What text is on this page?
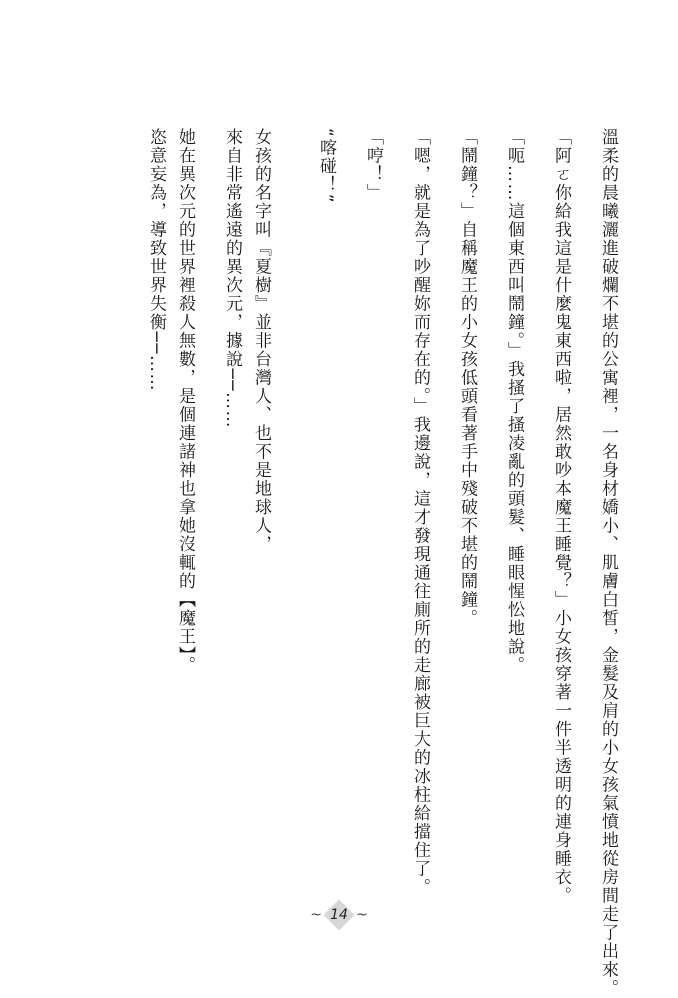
溫柔的晨曦灑進破爛不堪的公寓裡，一名身材嬌小、肌膚白皙，金髮及肩的小女孩氣憤地從房間走了出來。

「阿ㄛ你給我這是什麼鬼東西啦，居然敢吵本魔王睡覺？」小女孩穿著一件半透明的連身睡衣。

「呃……這個東西叫鬧鐘。」我搔了搔凌亂的頭髮、睡眼惺忪地說。

「鬧鐘？」自稱魔王的小女孩低頭看著手中殘破不堪的鬧鐘。

「嗯，就是為了吵醒妳而存在的。」我邊說，這才發現通往廁所的走廊被巨大的冰柱給擋住了。

「哼！」

“喀碰！”

女孩的名字叫『夏樹』並非台灣人、也不是地球人，

來自非常遙遠的異次元，據說──……

她在異次元的世界裡殺人無數，是個連諸神也拿她沒輒的【魔王】。

恣意妄為，導致世界失衡──……

~ 14 ~
